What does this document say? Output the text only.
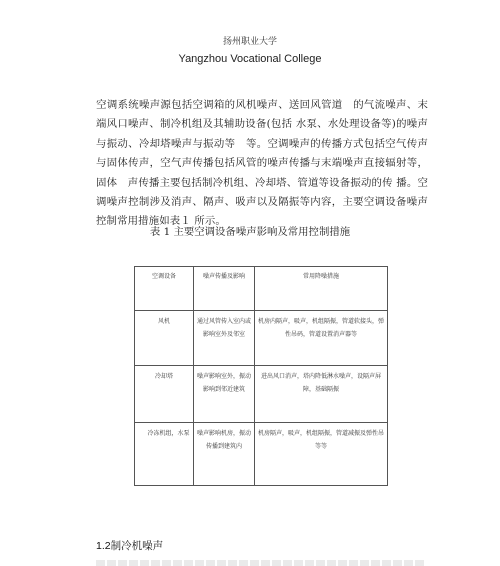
扬州职业大学
Yangzhou Vocational College
空调系统噪声源包括空调箱的风机噪声、送回风管道　的气流噪声、末端风口噪声、制冷机组及其辅助设备(包括 水泵、水处理设备等)的噪声与振动、冷却塔噪声与振动等　等。空调噪声的传播方式包括空气传声与固体传声，空气声传播包括风管的噪声传播与末端噪声直接辐射等， 固体　声传播主要包括制冷机组、冷却塔、管道等设备振动的传 播。空调噪声控制涉及消声、隔声、吸声以及隔振等内容，主要空调设备噪声控制常用措施如表１ 所示。
表 1 主要空调设备噪声影响及常用控制措施
空调设备	噪声传播及影响	常用降噪措施
风机	通过风管传入室内或影响室外及邻室	机房内隔声，吸声，机组隔振，管道软接头，弹性吊码，管道设置消声器等
冷却塔	噪声影响室外，振动影响到邻近建筑	进出风口消声，塔内降低淋水噪声，设隔声屏障，基础隔振
冷冻机组，水泵	噪声影响机房，振动传播到建筑内	机房隔声，吸声，机组隔振，管道减振及弹性吊等等
1.2制冷机噪声
